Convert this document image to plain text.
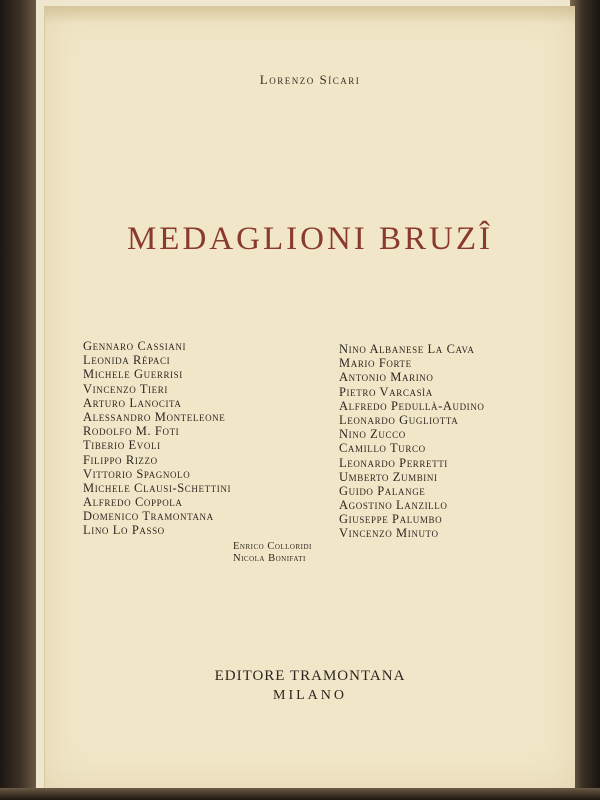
Lorenzo Sícari
MEDAGLIONI BRUZÎ
Gennaro Cassiani
Leonida Répaci
Michele Guerrisi
Vincenzo Tieri
Arturo Lanocita
Alessandro Monteleone
Rodolfo M. Foti
Tiberio Evoli
Filippo Rizzo
Vittorio Spagnolo
Michele Clausi-Schettini
Alfredo Coppola
Domenico Tramontana
Lino Lo Passo
Nino Albanese La Cava
Mario Forte
Antonio Marino
Pietro Varcasìa
Alfredo Pedullà-Audino
Leonardo Gugliotta
Nino Zucco
Camillo Turco
Leonardo Perretti
Umberto Zumbini
Guido Palange
Agostino Lanzillo
Giuseppe Palumbo
Vincenzo Minuto
Enrico Colloridi
Nicola Bonifati
EDITORE TRAMONTANA
MILANO
